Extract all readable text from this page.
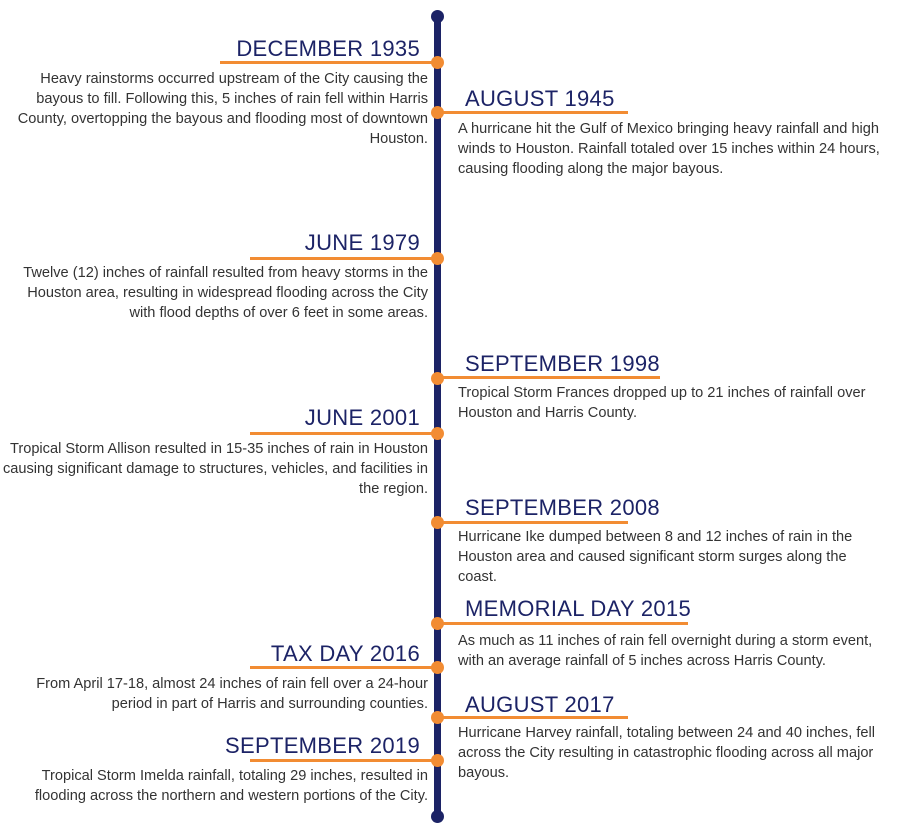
DECEMBER 1935
Heavy rainstorms occurred upstream of the City causing the bayous to fill. Following this, 5 inches of rain fell within Harris County, overtopping the bayous and flooding most of downtown Houston.
AUGUST 1945
A hurricane hit the Gulf of Mexico bringing heavy rainfall and high winds to Houston. Rainfall totaled over 15 inches within 24 hours, causing flooding along the major bayous.
JUNE 1979
Twelve (12) inches of rainfall resulted from heavy storms in the Houston area, resulting in widespread flooding across the City with flood depths of over 6 feet in some areas.
SEPTEMBER 1998
Tropical Storm Frances dropped up to 21 inches of rainfall over Houston and Harris County.
JUNE 2001
Tropical Storm Allison resulted in 15-35 inches of rain in Houston causing significant damage to structures, vehicles, and facilities in the region.
SEPTEMBER 2008
Hurricane Ike dumped between 8 and 12 inches of rain in the Houston area and caused significant storm surges along the coast.
MEMORIAL DAY 2015
As much as 11 inches of rain fell overnight during a storm event, with an average rainfall of 5 inches across Harris County.
TAX DAY 2016
From April 17-18, almost 24 inches of rain fell over a 24-hour period in part of Harris and surrounding counties. AUGUST 2017
Hurricane Harvey rainfall, totaling between 24 and 40 inches, fell across the City resulting in catastrophic flooding across all major bayous.
SEPTEMBER 2019
Tropical Storm Imelda rainfall, totaling 29 inches, resulted in flooding across the northern and western portions of the City.
